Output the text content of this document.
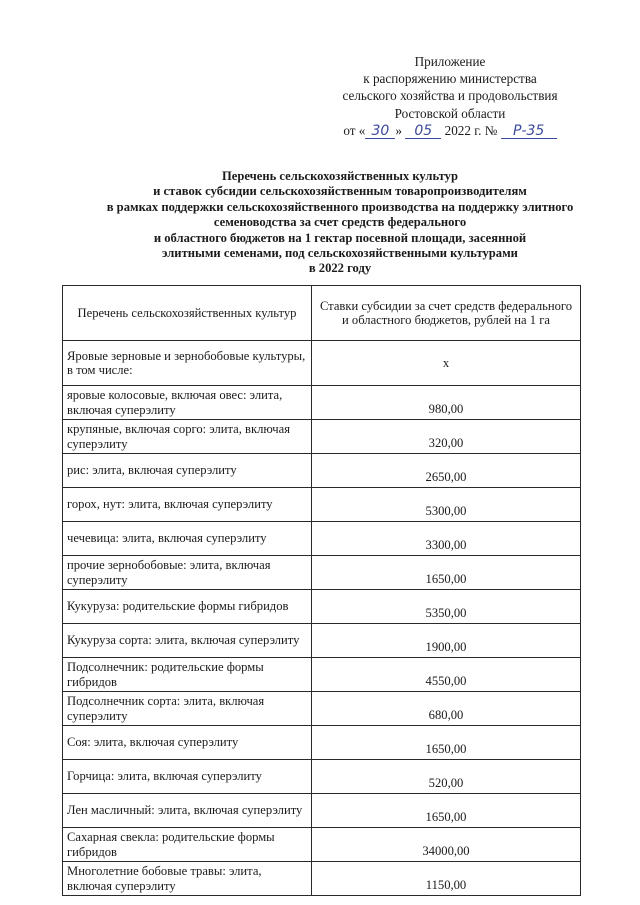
Приложение
к распоряжению министерства
сельского хозяйства и продовольствия
Ростовской области
от « 30 » 05 2022 г. № Р-35
Перечень сельскохозяйственных культур
и ставок субсидии сельскохозяйственным товаропроизводителям
в рамках поддержки сельскохозяйственного производства на поддержку элитного
семеноводства за счет средств федерального
и областного бюджетов на 1 гектар посевной площади, засеянной
элитными семенами, под сельскохозяйственными культурами
в 2022 году
Перечень сельскохозяйственных культур	Ставки субсидии за счет средств федерального и областного бюджетов, рублей на 1 га
Яровые зерновые и зернобобовые культуры, в том числе:	х
яровые колосовые, включая овес: элита, включая суперэлиту	980,00
крупяные, включая сорго: элита, включая суперэлиту	320,00
рис: элита, включая суперэлиту	2650,00
горох, нут: элита, включая суперэлиту	5300,00
чечевица: элита, включая суперэлиту	3300,00
прочие зернобобовые: элита, включая суперэлиту	1650,00
Кукуруза: родительские формы гибридов	5350,00
Кукуруза сорта: элита, включая суперэлиту	1900,00
Подсолнечник: родительские формы гибридов	4550,00
Подсолнечник сорта: элита, включая суперэлиту	680,00
Соя: элита, включая суперэлиту	1650,00
Горчица: элита, включая суперэлиту	520,00
Лен масличный: элита, включая суперэлиту	1650,00
Сахарная свекла: родительские формы гибридов	34000,00
Многолетние бобовые травы: элита, включая суперэлиту	1150,00
